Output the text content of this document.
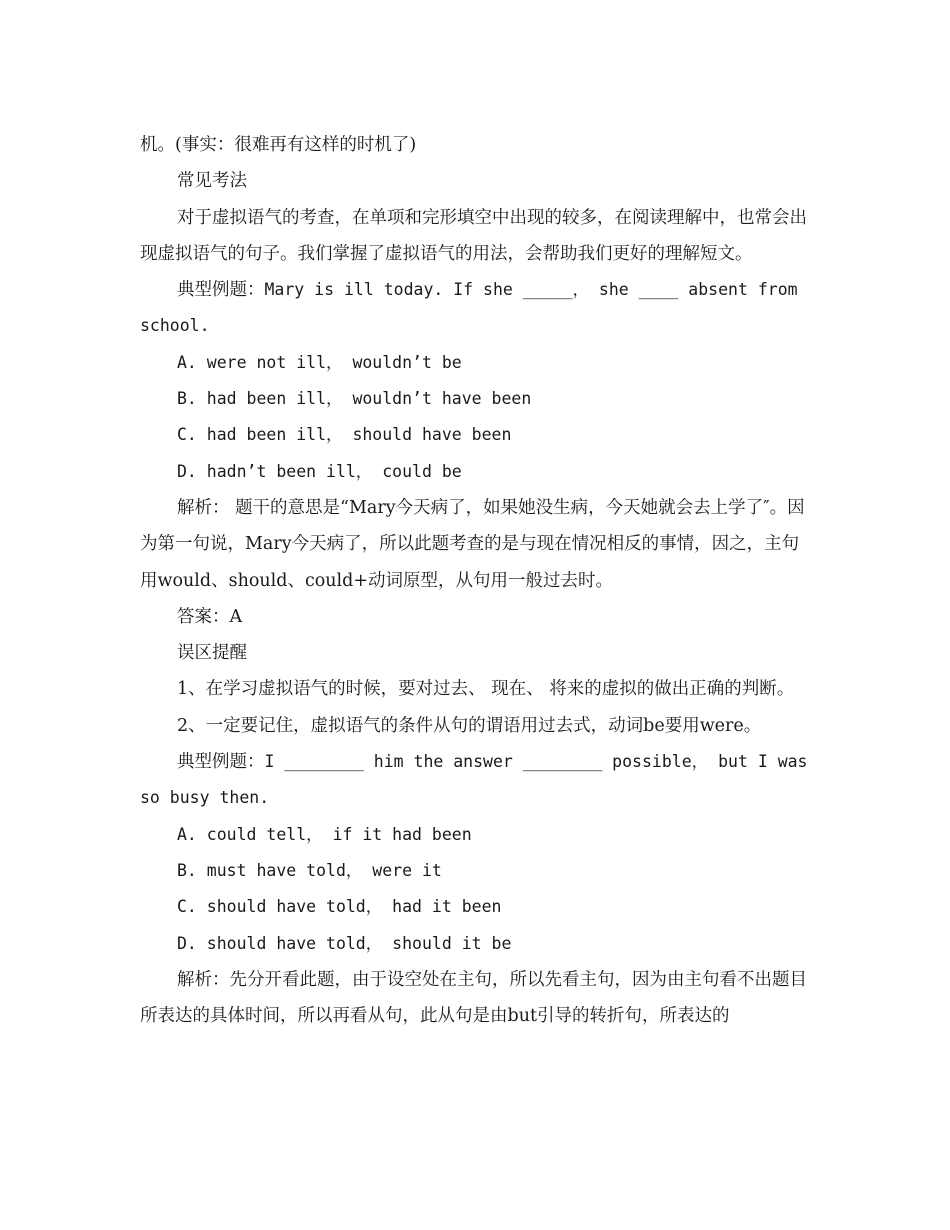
机。(事实：很难再有这样的时机了)

常见考法

对于虚拟语气的考查，在单项和完形填空中出现的较多，在阅读理解中，也常会出现虚拟语气的句子。我们掌握了虚拟语气的用法，会帮助我们更好的理解短文。

典型例题：Mary is ill today. If she _____， she ____ absent from school.

A. were not ill， wouldn’t be

B. had been ill， wouldn’t have been

C. had been ill， should have been

D. hadn’t been ill， could be

解析： 题干的意思是“Mary今天病了，如果她没生病，今天她就会去上学了″。因为第一句说，Mary今天病了，所以此题考查的是与现在情况相反的事情，因之，主句用would、should、could+动词原型，从句用一般过去时。

答案：A

误区提醒

1、在学习虚拟语气的时候，要对过去、 现在、 将来的虚拟的做出正确的判断。

2、一定要记住，虚拟语气的条件从句的谓语用过去式，动词be要用were。

典型例题：I ________ him the answer ________ possible， but I was so busy then.

A. could tell， if it had been

B. must have told， were it

C. should have told， had it been

D. should have told， should it be

解析：先分开看此题，由于设空处在主句，所以先看主句，因为由主句看不出题目所表达的具体时间，所以再看从句，此从句是由but引导的转折句，所表达的
